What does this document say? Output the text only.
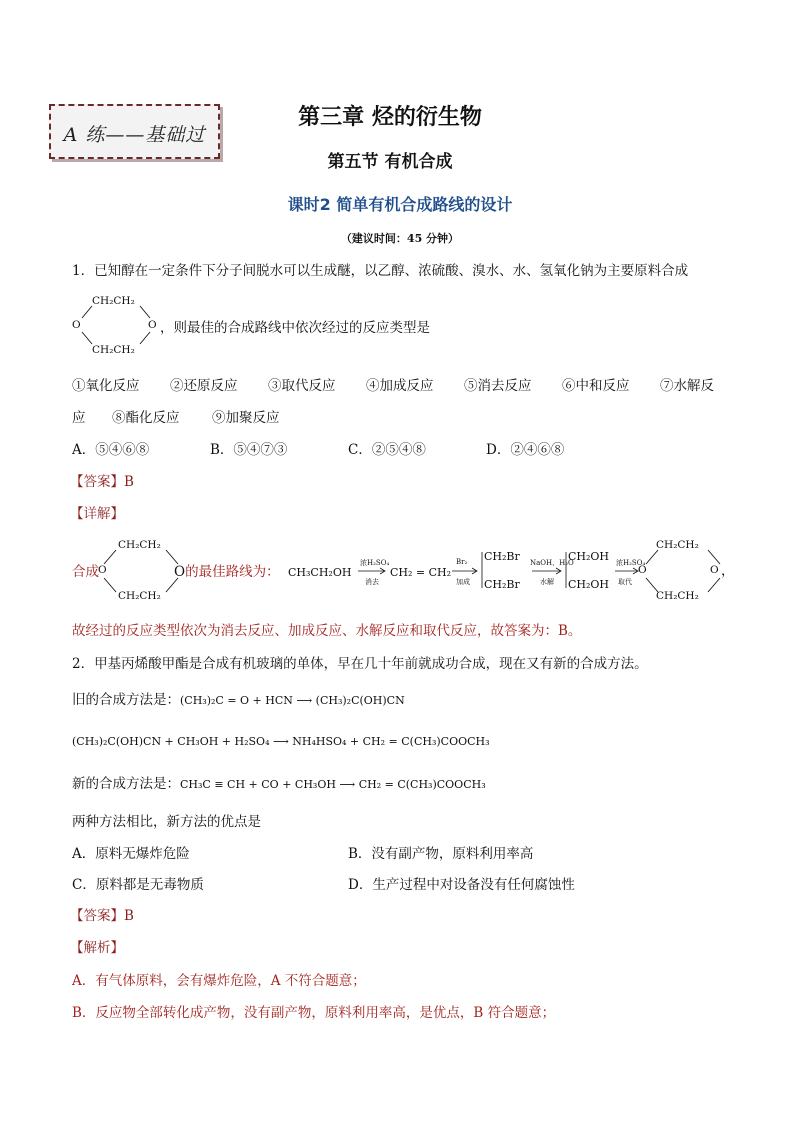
A 练——基础过
第三章 烃的衍生物
第五节 有机合成
课时2 简单有机合成路线的设计
（建议时间：45 分钟）
1．已知醇在一定条件下分子间脱水可以生成醚，以乙醇、浓硫酸、溴水、水、氢氧化钠为主要原料合成
CH₂CH₂
O	O
CH₂CH₂
，则最佳的合成路线中依次经过的反应类型是
①氧化反应 ②还原反应 ③取代反应 ④加成反应 ⑤消去反应 ⑥中和反应 ⑦水解反
应 ⑧酯化反应 ⑨加聚反应
A．⑤④⑥⑧	B．⑤④⑦③	C．②⑤④⑧	D．②④⑥⑧
【答案】B
【详解】
合成
CH₂CH₂
O
CH₂CH₂
O的最佳路线为： CH₃CH₂OH
浓H₂SO₄
消去
CH₂ = CH₂
Br₂
加成
CH₂Br
CH₂Br
NaOH、H₂O
水解
CH₂OH
CH₂OH
浓H₂SO₄
取代
CH₂CH₂
O	O
CH₂CH₂
，
故经过的反应类型依次为消去反应、加成反应、水解反应和取代反应，故答案为：B。
2．甲基丙烯酸甲酯是合成有机玻璃的单体，早在几十年前就成功合成，现在又有新的合成方法。
旧的合成方法是：(CH₃)₂C = O + HCN ⟶ (CH₃)₂C(OH)CN
(CH₃)₂C(OH)CN + CH₃OH + H₂SO₄ ⟶ NH₄HSO₄ + CH₂ = C(CH₃)COOCH₃
新的合成方法是：CH₃C ≡ CH + CO + CH₃OH ⟶ CH₂ = C(CH₃)COOCH₃
两种方法相比，新方法的优点是
A．原料无爆炸危险	B．没有副产物，原料利用率高
C．原料都是无毒物质	D．生产过程中对设备没有任何腐蚀性
【答案】B
【解析】
A．有气体原料，会有爆炸危险，A 不符合题意；
B．反应物全部转化成产物，没有副产物，原料利用率高，是优点，B 符合题意；
